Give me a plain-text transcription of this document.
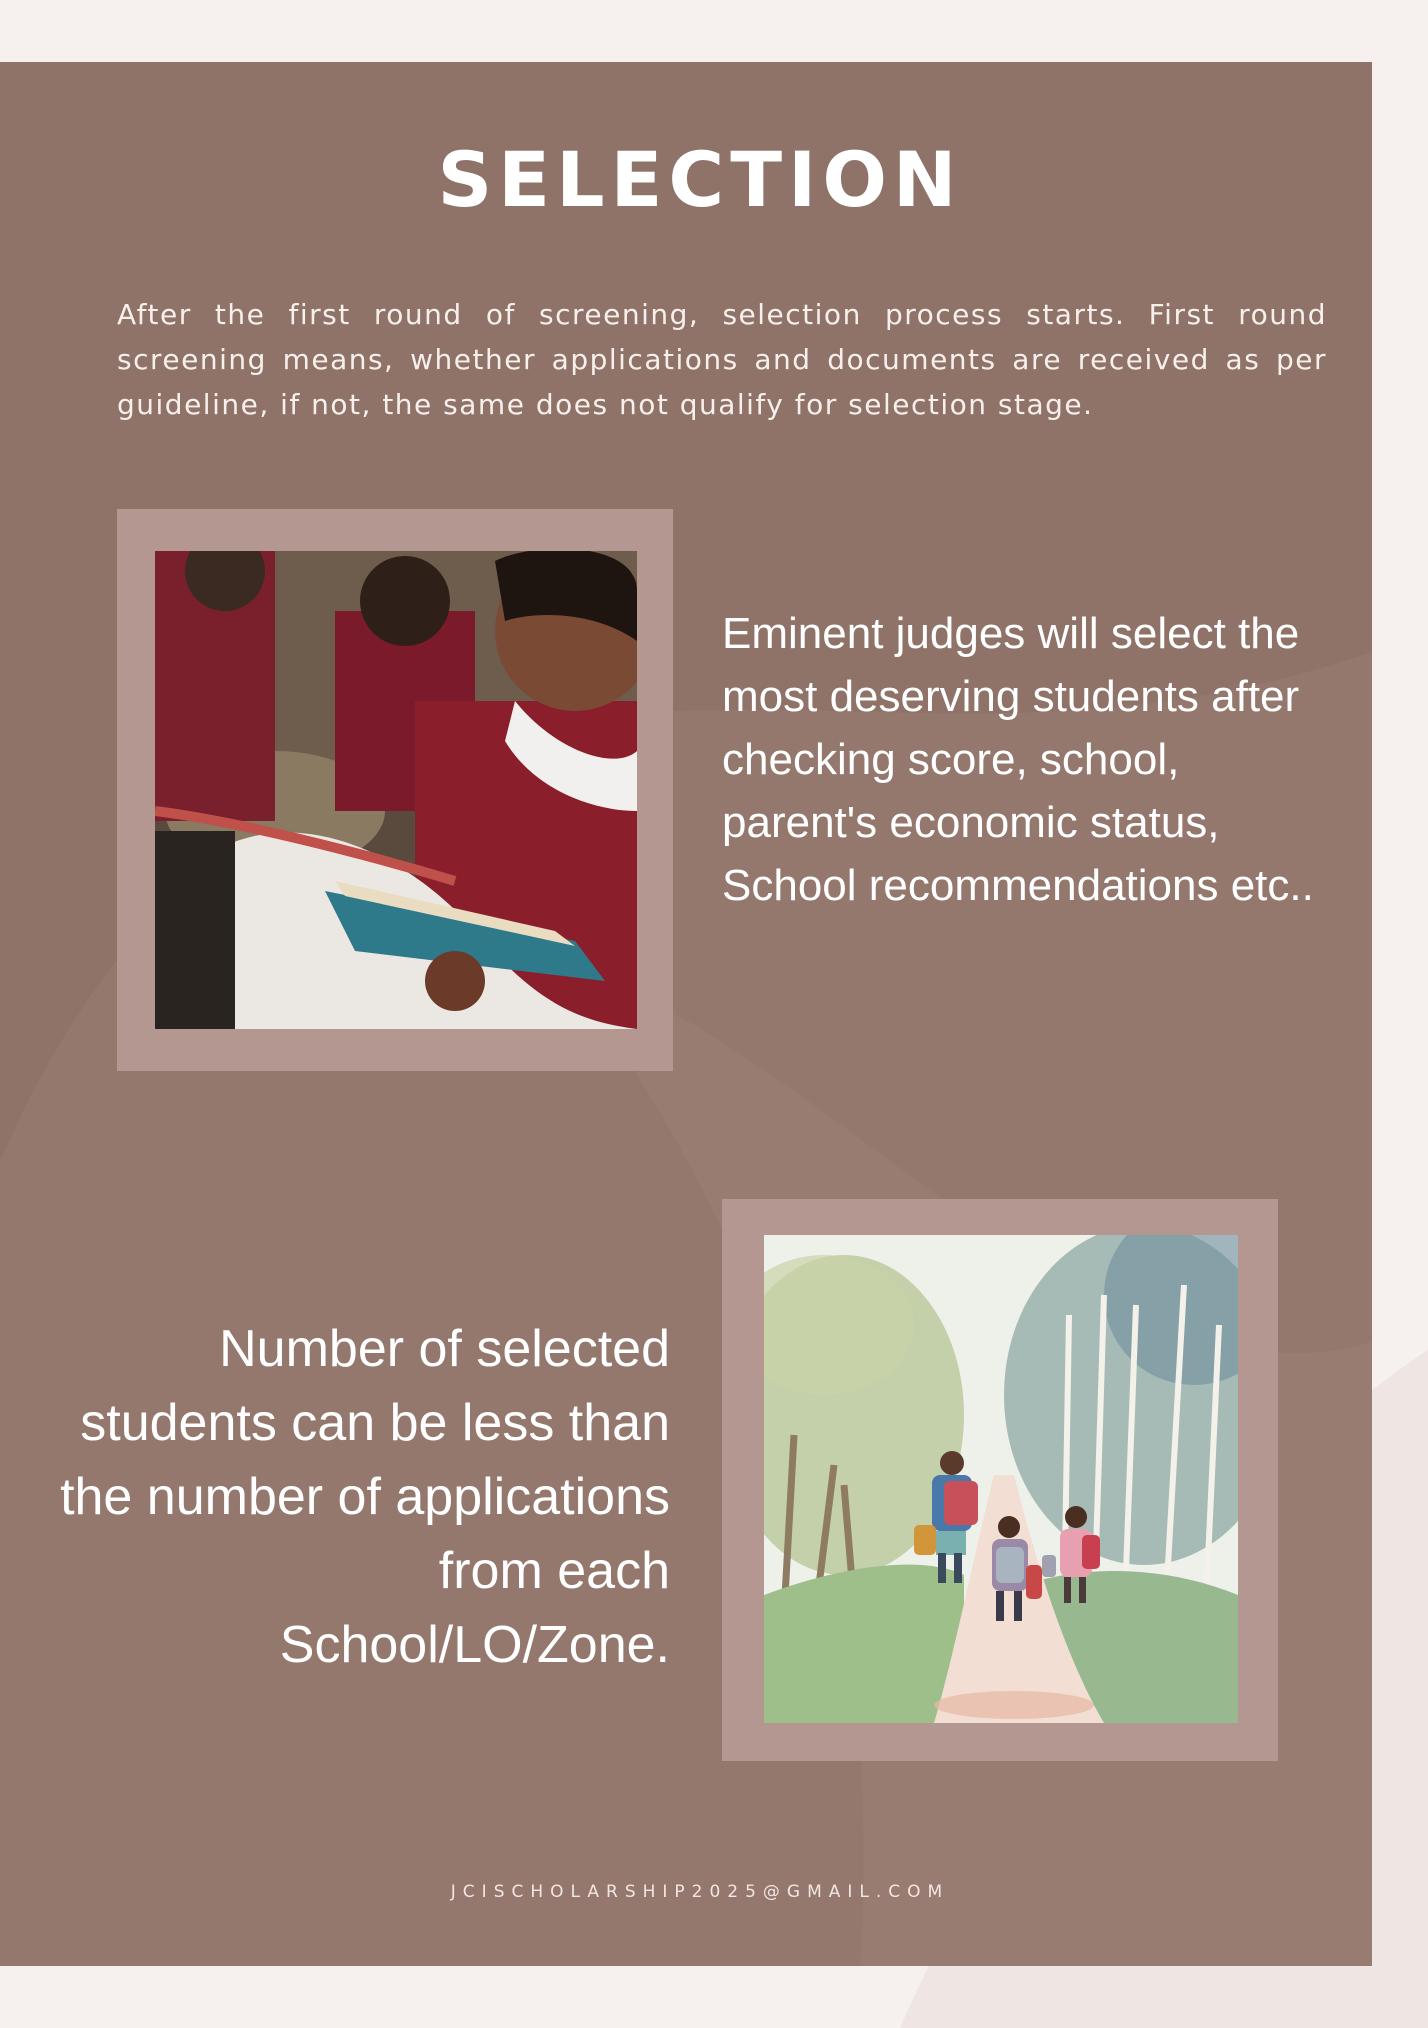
SELECTION
After the first round of screening, selection process starts. First round screening means, whether applications and documents are received as per guideline, if not, the same does not qualify for selection stage.
Eminent judges will select the most deserving students after checking score, school, parent's economic status, School recommendations etc..
Number of selected students can be less than the number of applications from each School/LO/Zone.
JCISCHOLARSHIP2025@GMAIL.COM
